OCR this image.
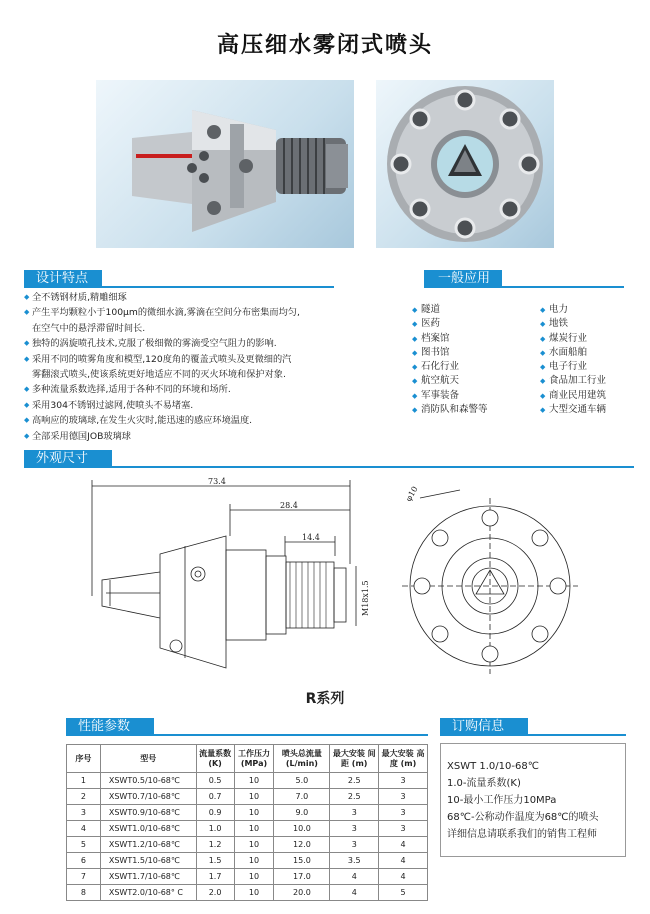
高压细水雾闭式喷头
设计特点	一般应用
◆ 全不锈钢材质,精雕细琢
◆ 产生平均颗粒小于100μm的微细水滴,雾滴在空间分布密集而均匀,
在空气中的悬浮滞留时间长.
◆ 独特的涡旋喷孔技术,克服了极细微的雾滴受空气阻力的影响.
◆ 采用不同的喷雾角度和模型,120度角的覆盖式喷头及更微细的汽
雾翻滚式喷头,使该系统更好地适应不同的灭火环境和保护对象.
◆ 多种流量系数选择,适用于各种不同的环境和场所.
◆ 采用304不锈钢过滤网,使喷头不易堵塞.
◆ 高响应的玻璃球,在发生火灾时,能迅速的感应环境温度.
◆ 全部采用德国JOB玻璃球
◆ 隧道
◆ 医药
◆ 档案馆
◆ 图书馆
◆ 石化行业
◆ 航空航天
◆ 军事装备
◆ 消防队和森警等
◆ 电力
◆ 地铁
◆ 煤炭行业
◆ 水面船舶
◆ 电子行业
◆ 食品加工行业
◆ 商业民用建筑
◆ 大型交通车辆
外观尺寸
73.4
28.4
14.4
M18x1.5
φ10
R系列
性能参数	订购信息
序号	型号	流量系数 (K)	工作压力 (MPa)	喷头总流量 (L/min)	最大安装 间距 (m)	最大安装 高度 (m)
1	XSWT0.5/10-68℃	0.5	10	5.0	2.5	3
2	XSWT0.7/10-68℃	0.7	10	7.0	2.5	3
3	XSWT0.9/10-68℃	0.9	10	9.0	3	3
4	XSWT1.0/10-68℃	1.0	10	10.0	3	3
5	XSWT1.2/10-68℃	1.2	10	12.0	3	4
6	XSWT1.5/10-68℃	1.5	10	15.0	3.5	4
7	XSWT1.7/10-68℃	1.7	10	17.0	4	4
8	XSWT2.0/10-68° C	2.0	10	20.0	4	5
XSWT 1.0/10-68℃
1.0-流量系数(K)
10-最小工作压力10MPa
68℃-公称动作温度为68℃的喷头
详细信息请联系我们的销售工程师
